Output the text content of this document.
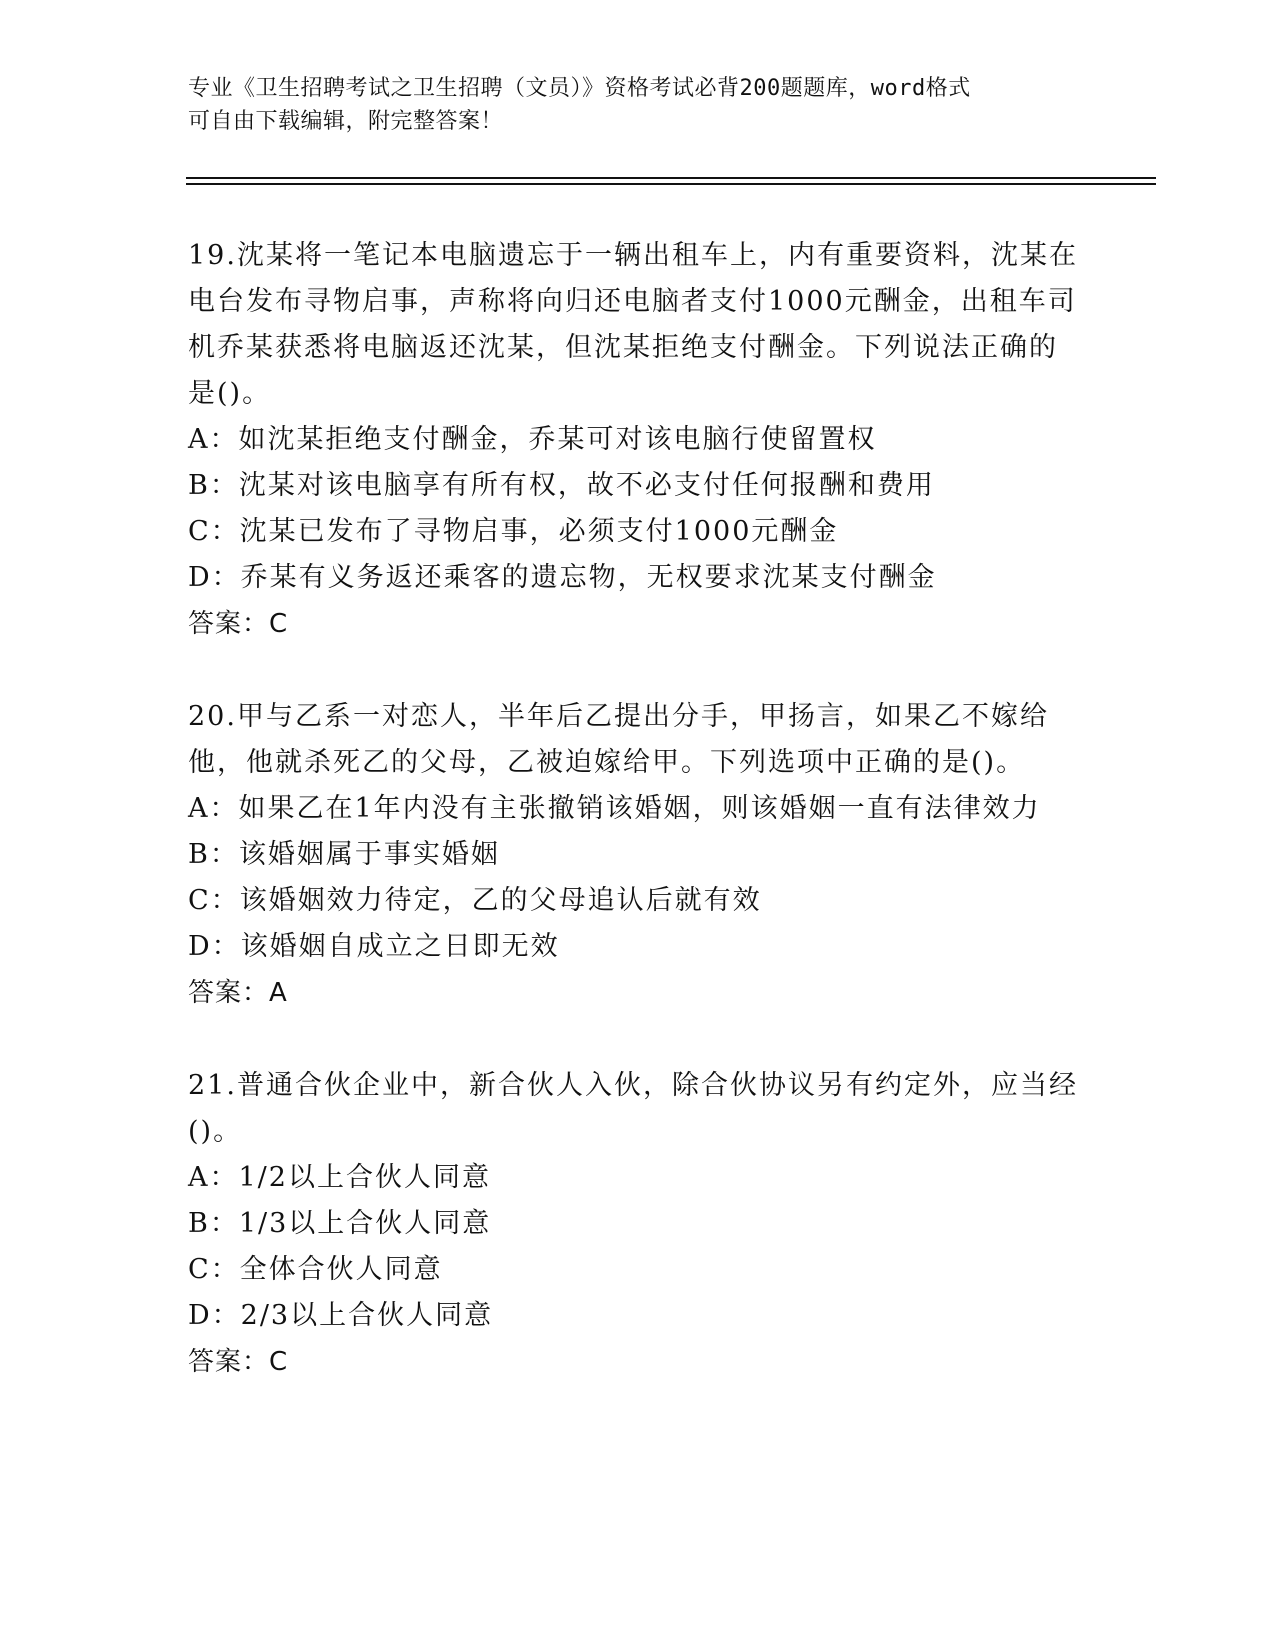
专业《卫生招聘考试之卫生招聘（文员）》资格考试必背200题题库，word格式
可自由下载编辑，附完整答案！

19.沈某将一笔记本电脑遗忘于一辆出租车上，内有重要资料，沈某在电台发布寻物启事，声称将向归还电脑者支付1000元酬金，出租车司机乔某获悉将电脑返还沈某，但沈某拒绝支付酬金。下列说法正确的是()。

A：如沈某拒绝支付酬金，乔某可对该电脑行使留置权

B：沈某对该电脑享有所有权，故不必支付任何报酬和费用

C：沈某已发布了寻物启事，必须支付1000元酬金

D：乔某有义务返还乘客的遗忘物，无权要求沈某支付酬金

答案：C

20.甲与乙系一对恋人，半年后乙提出分手，甲扬言，如果乙不嫁给他，他就杀死乙的父母，乙被迫嫁给甲。下列选项中正确的是()。

A：如果乙在1年内没有主张撤销该婚姻，则该婚姻一直有法律效力

B：该婚姻属于事实婚姻

C：该婚姻效力待定，乙的父母追认后就有效

D：该婚姻自成立之日即无效

答案：A

21.普通合伙企业中，新合伙人入伙，除合伙协议另有约定外，应当经()。

A：1/2以上合伙人同意

B：1/3以上合伙人同意

C：全体合伙人同意

D：2/3以上合伙人同意

答案：C
